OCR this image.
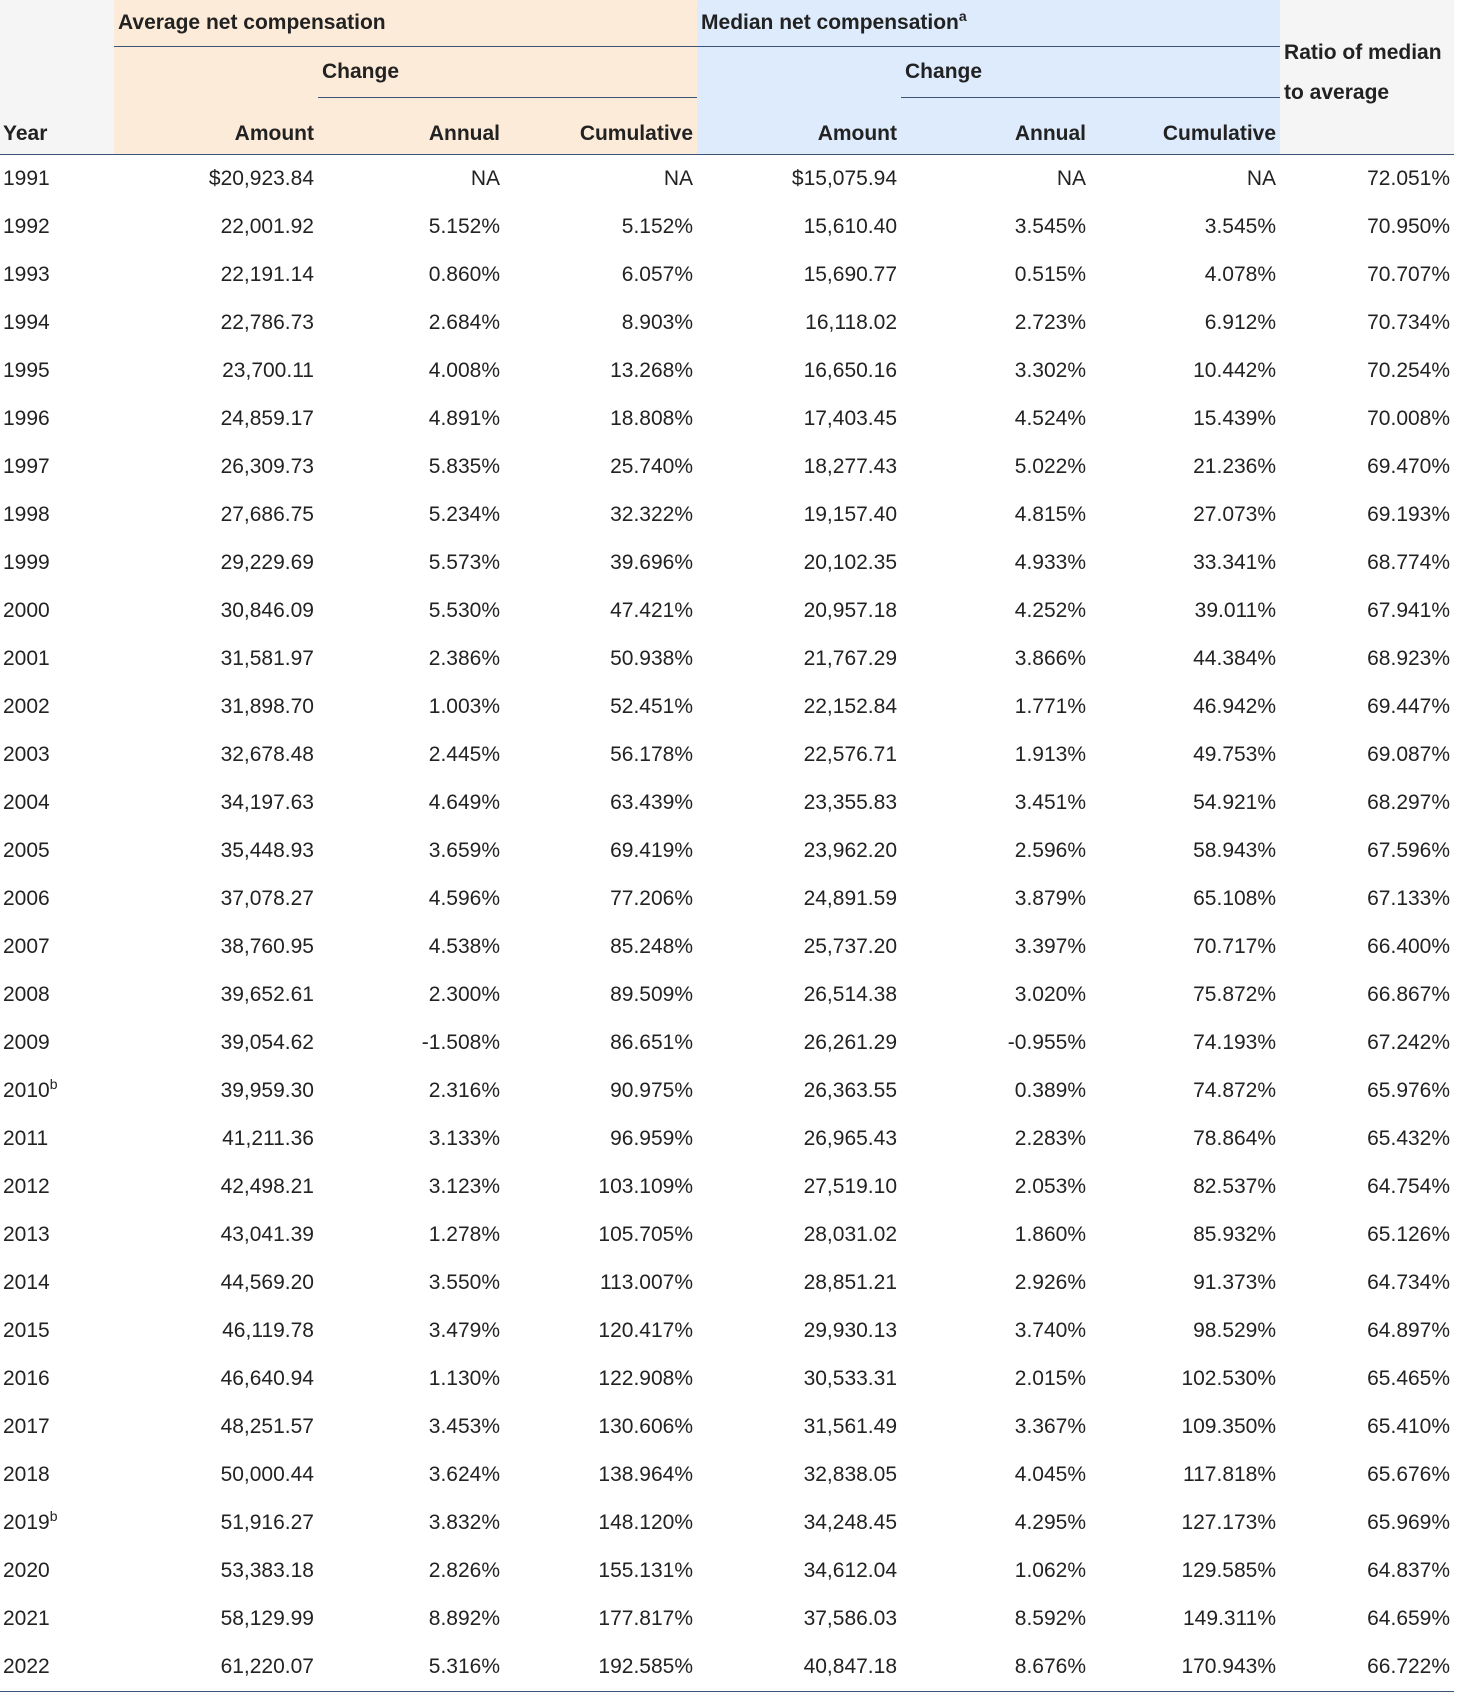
	Average net compensation			Median net compensation$^a$			Ratio of median to average
		Change			Change		
Year	Amount	Annual	Cumulative	Amount	Annual	Cumulative	
1991	$20,923.84	NA	NA	$15,075.94	NA	NA	72.051%
1992	22,001.92	5.152%	5.152%	15,610.40	3.545%	3.545%	70.950%
1993	22,191.14	0.860%	6.057%	15,690.77	0.515%	4.078%	70.707%
1994	22,786.73	2.684%	8.903%	16,118.02	2.723%	6.912%	70.734%
1995	23,700.11	4.008%	13.268%	16,650.16	3.302%	10.442%	70.254%
1996	24,859.17	4.891%	18.808%	17,403.45	4.524%	15.439%	70.008%
1997	26,309.73	5.835%	25.740%	18,277.43	5.022%	21.236%	69.470%
1998	27,686.75	5.234%	32.322%	19,157.40	4.815%	27.073%	69.193%
1999	29,229.69	5.573%	39.696%	20,102.35	4.933%	33.341%	68.774%
2000	30,846.09	5.530%	47.421%	20,957.18	4.252%	39.011%	67.941%
2001	31,581.97	2.386%	50.938%	21,767.29	3.866%	44.384%	68.923%
2002	31,898.70	1.003%	52.451%	22,152.84	1.771%	46.942%	69.447%
2003	32,678.48	2.445%	56.178%	22,576.71	1.913%	49.753%	69.087%
2004	34,197.63	4.649%	63.439%	23,355.83	3.451%	54.921%	68.297%
2005	35,448.93	3.659%	69.419%	23,962.20	2.596%	58.943%	67.596%
2006	37,078.27	4.596%	77.206%	24,891.59	3.879%	65.108%	67.133%
2007	38,760.95	4.538%	85.248%	25,737.20	3.397%	70.717%	66.400%
2008	39,652.61	2.300%	89.509%	26,514.38	3.020%	75.872%	66.867%
2009	39,054.62	-1.508%	86.651%	26,261.29	-0.955%	74.193%	67.242%
2010$^b$	39,959.30	2.316%	90.975%	26,363.55	0.389%	74.872%	65.976%
2011	41,211.36	3.133%	96.959%	26,965.43	2.283%	78.864%	65.432%
2012	42,498.21	3.123%	103.109%	27,519.10	2.053%	82.537%	64.754%
2013	43,041.39	1.278%	105.705%	28,031.02	1.860%	85.932%	65.126%
2014	44,569.20	3.550%	113.007%	28,851.21	2.926%	91.373%	64.734%
2015	46,119.78	3.479%	120.417%	29,930.13	3.740%	98.529%	64.897%
2016	46,640.94	1.130%	122.908%	30,533.31	2.015%	102.530%	65.465%
2017	48,251.57	3.453%	130.606%	31,561.49	3.367%	109.350%	65.410%
2018	50,000.44	3.624%	138.964%	32,838.05	4.045%	117.818%	65.676%
2019$^b$	51,916.27	3.832%	148.120%	34,248.45	4.295%	127.173%	65.969%
2020	53,383.18	2.826%	155.131%	34,612.04	1.062%	129.585%	64.837%
2021	58,129.99	8.892%	177.817%	37,586.03	8.592%	149.311%	64.659%
2022	61,220.07	5.316%	192.585%	40,847.18	8.676%	170.943%	66.722%
